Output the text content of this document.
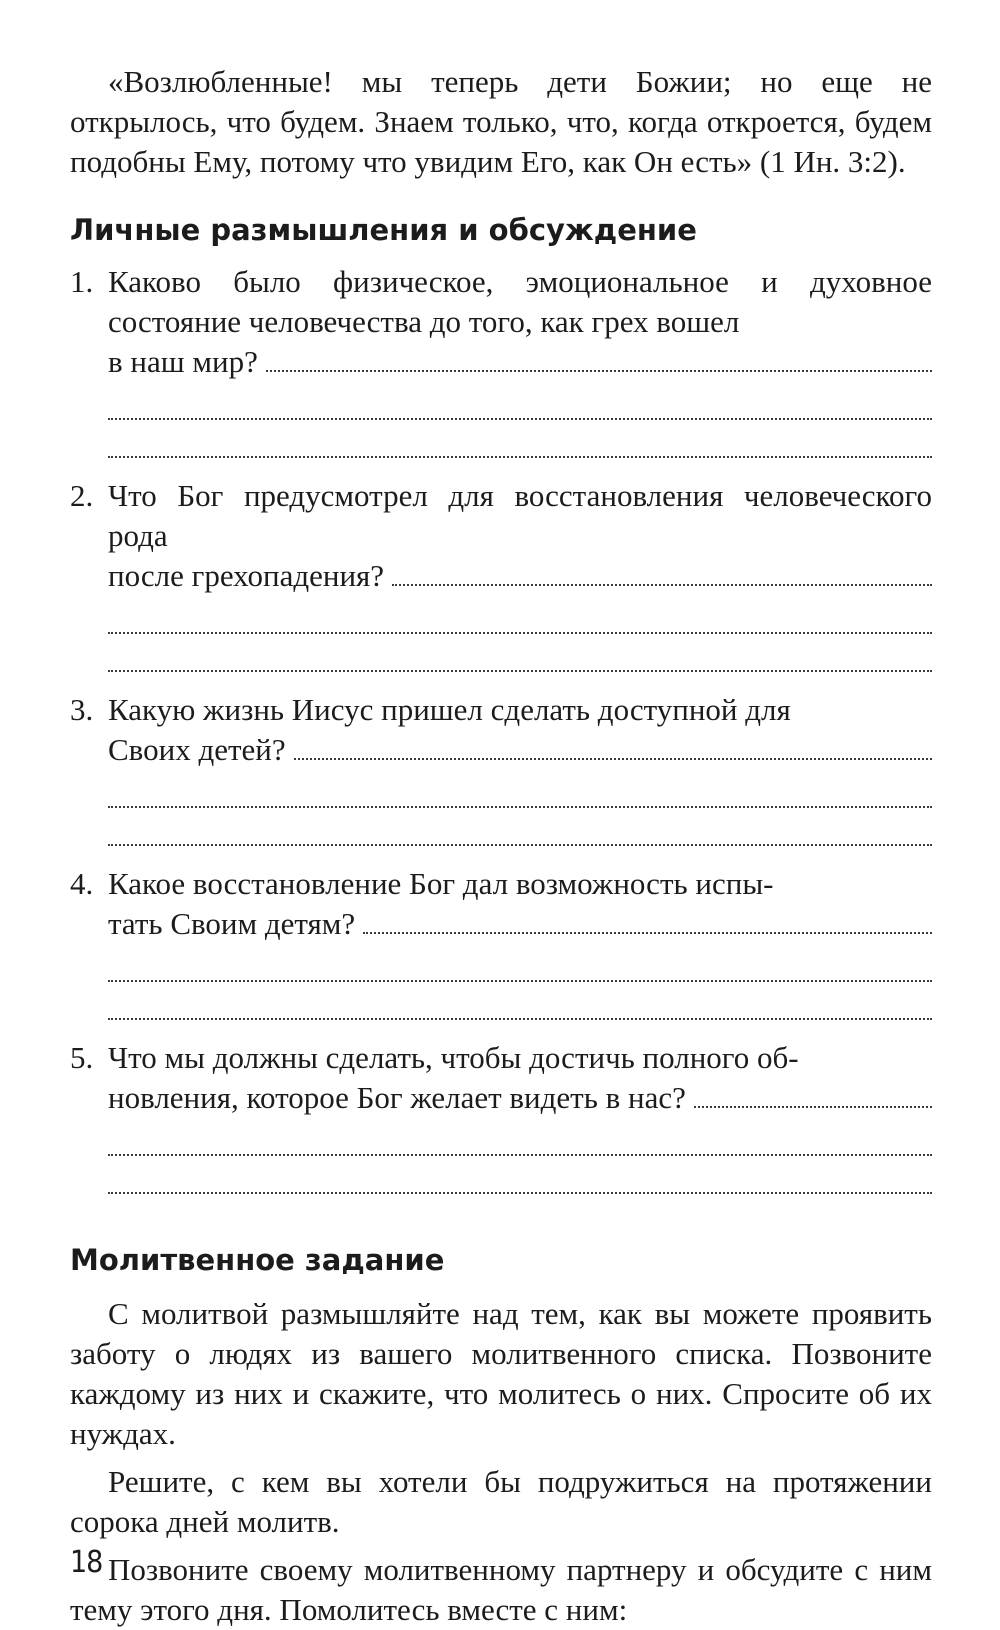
«Возлюбленные! мы теперь дети Божии; но еще не открылось, что будем. Знаем только, что, когда откроется, будем подобны Ему, потому что увидим Его, как Он есть» (1 Ин. 3:2).

Личные размышления и обсуждение
1. Каково было физическое, эмоциональное и духовное состояние человечества до того, как грех вошел
в наш мир?
2. Что Бог предусмотрел для восстановления человеческого рода
после грехопадения?
3. Какую жизнь Иисус пришел сделать доступной для
Своих детей?
4. Какое восстановление Бог дал возможность испы-
тать Своим детям?
5. Что мы должны сделать, чтобы достичь полного об-
новления, которое Бог желает видеть в нас?
Молитвенное задание

С молитвой размышляйте над тем, как вы можете проявить заботу о людях из вашего молитвенного списка. Позвоните каждому из них и скажите, что молитесь о них. Спросите об их нуждах.

Решите, с кем вы хотели бы подружиться на протяжении сорока дней молитв.

Позвоните своему молитвенному партнеру и обсудите с ним тему этого дня. Помолитесь вместе с ним:

18
